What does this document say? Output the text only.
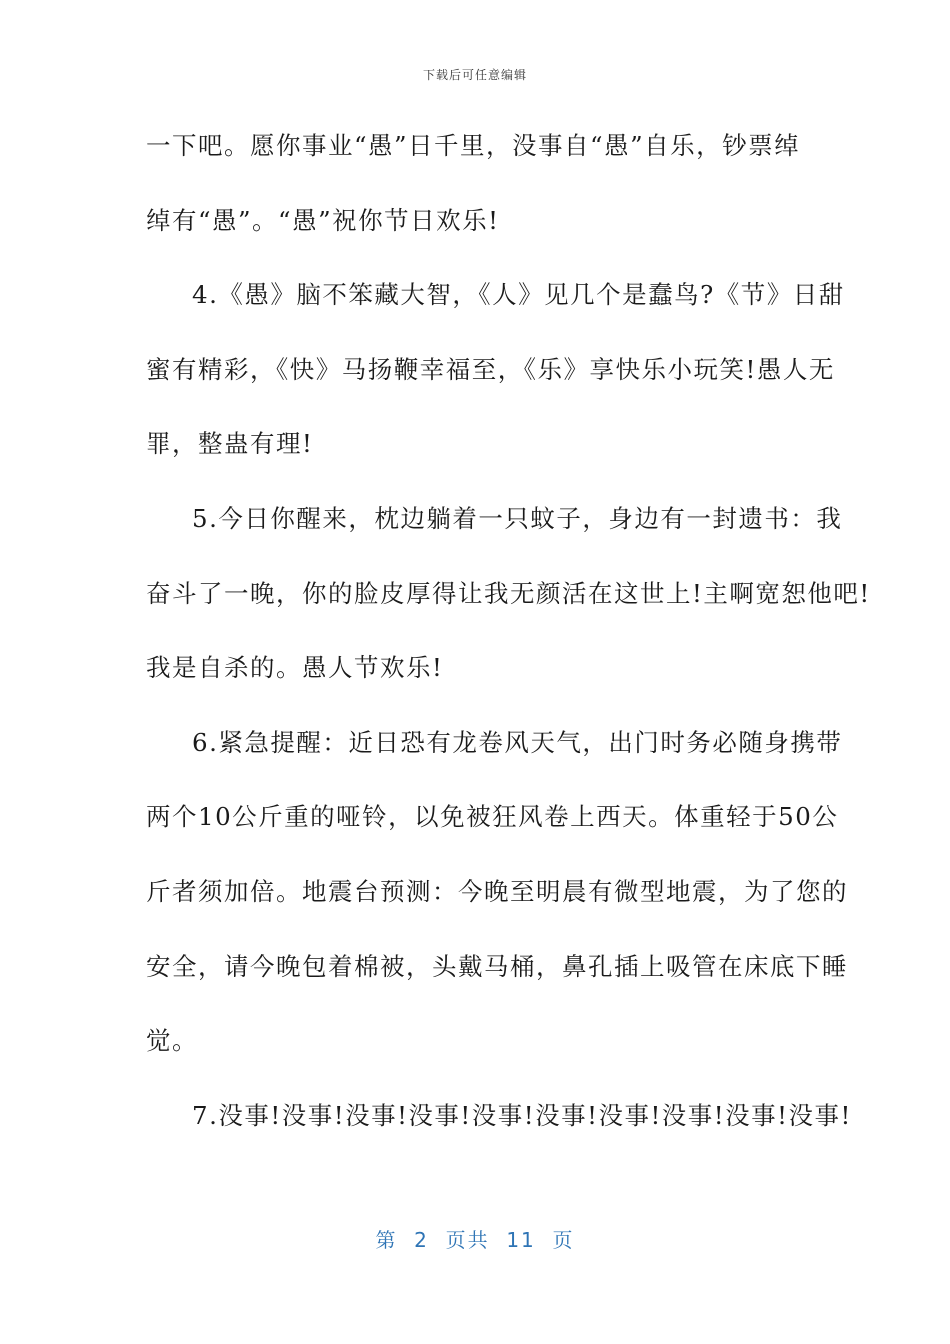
下载后可任意编辑
一下吧。愿你事业“愚”日千里，没事自“愚”自乐，钞票绰
绰有“愚”。“愚”祝你节日欢乐!
4.《愚》脑不笨藏大智，《人》见几个是蠢鸟?《节》日甜
蜜有精彩，《快》马扬鞭幸福至，《乐》享快乐小玩笑!愚人无
罪，整蛊有理!
5.今日你醒来，枕边躺着一只蚊子，身边有一封遗书：我
奋斗了一晚，你的脸皮厚得让我无颜活在这世上!主啊宽恕他吧!
我是自杀的。愚人节欢乐!
6.紧急提醒：近日恐有龙卷风天气，出门时务必随身携带
两个10公斤重的哑铃，以免被狂风卷上西天。体重轻于50公
斤者须加倍。地震台预测：今晚至明晨有微型地震，为了您的
安全，请今晚包着棉被，头戴马桶，鼻孔插上吸管在床底下睡
觉。
7.没事!没事!没事!没事!没事!没事!没事!没事!没事!没事!
第  2  页共  11  页
